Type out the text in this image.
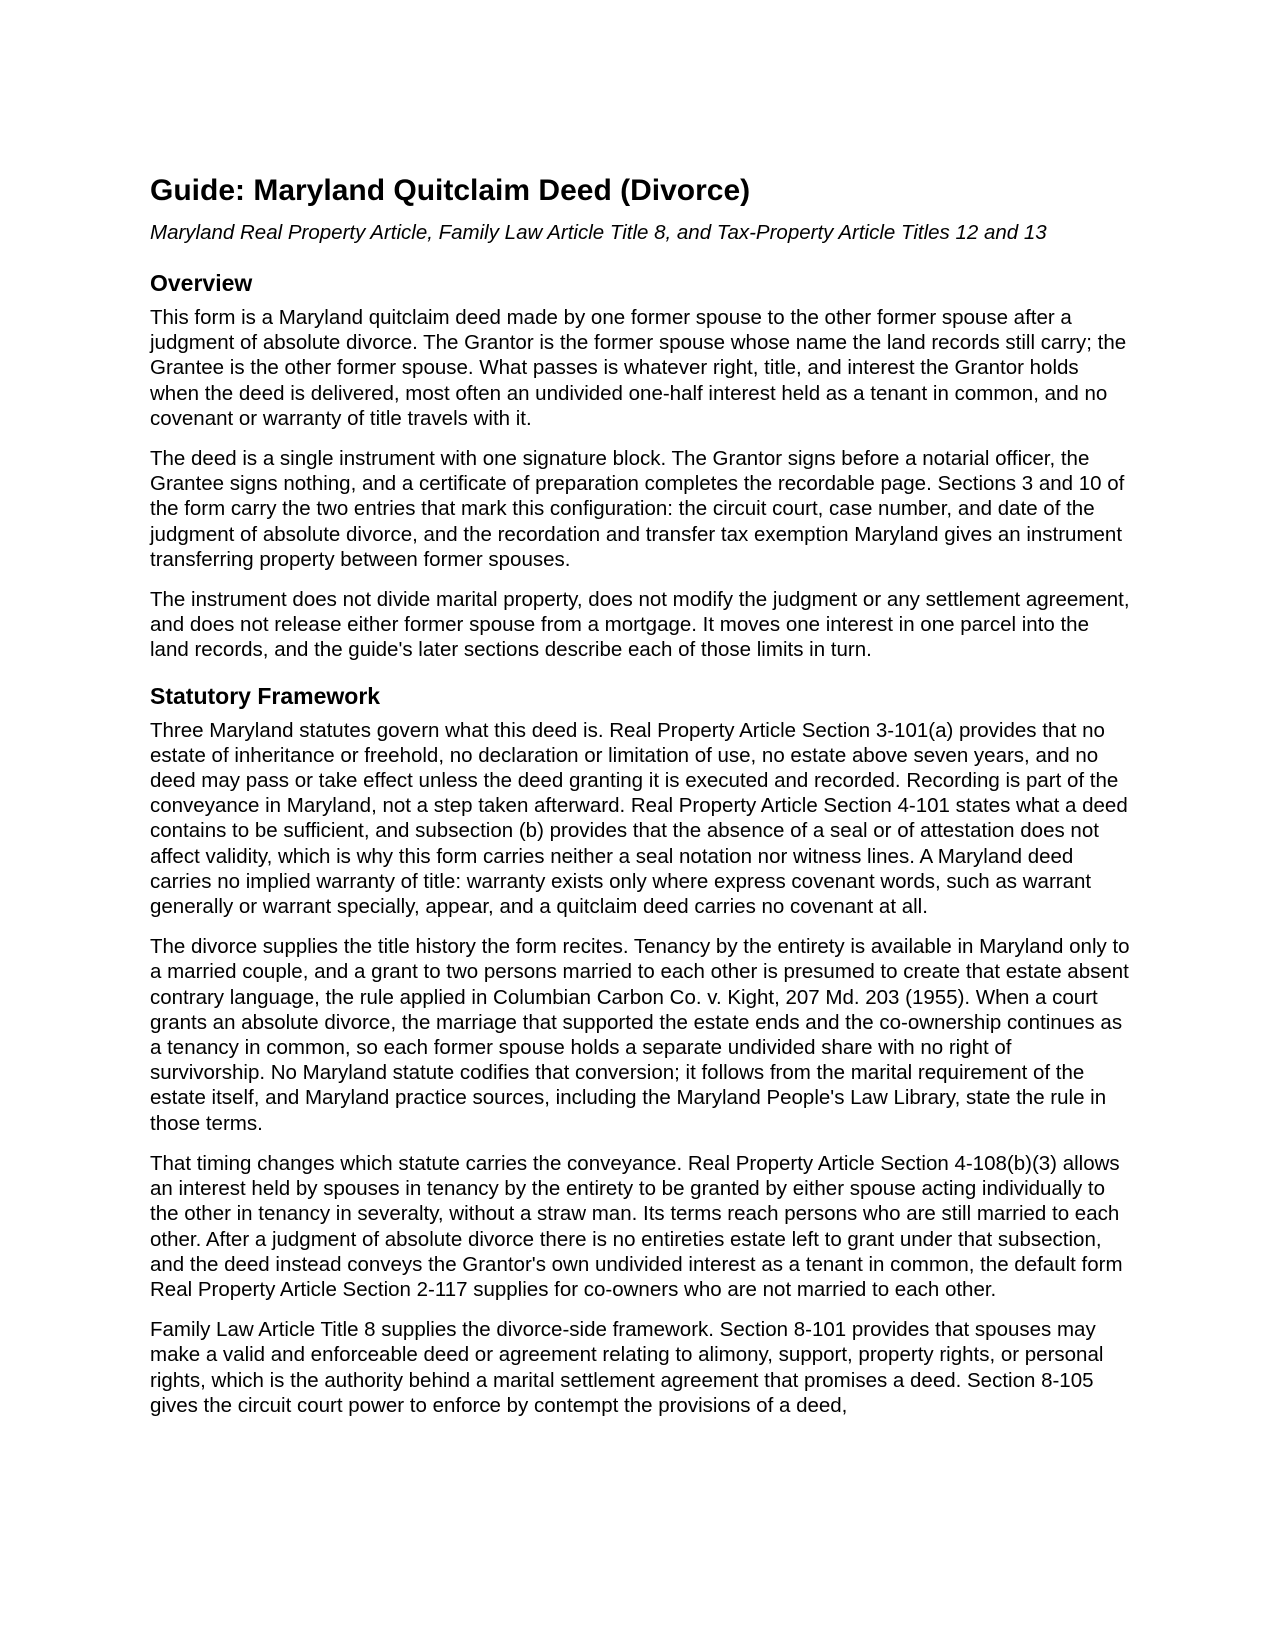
Guide: Maryland Quitclaim Deed (Divorce)

Maryland Real Property Article, Family Law Article Title 8, and Tax-Property Article Titles 12 and 13

Overview

This form is a Maryland quitclaim deed made by one former spouse to the other former spouse after a judgment of absolute divorce. The Grantor is the former spouse whose name the land records still carry; the Grantee is the other former spouse. What passes is whatever right, title, and interest the Grantor holds when the deed is delivered, most often an undivided one-half interest held as a tenant in common, and no covenant or warranty of title travels with it.

The deed is a single instrument with one signature block. The Grantor signs before a notarial officer, the Grantee signs nothing, and a certificate of preparation completes the recordable page. Sections 3 and 10 of the form carry the two entries that mark this configuration: the circuit court, case number, and date of the judgment of absolute divorce, and the recordation and transfer tax exemption Maryland gives an instrument transferring property between former spouses.

The instrument does not divide marital property, does not modify the judgment or any settlement agreement, and does not release either former spouse from a mortgage. It moves one interest in one parcel into the land records, and the guide's later sections describe each of those limits in turn.

Statutory Framework

Three Maryland statutes govern what this deed is. Real Property Article Section 3-101(a) provides that no estate of inheritance or freehold, no declaration or limitation of use, no estate above seven years, and no deed may pass or take effect unless the deed granting it is executed and recorded. Recording is part of the conveyance in Maryland, not a step taken afterward. Real Property Article Section 4-101 states what a deed contains to be sufficient, and subsection (b) provides that the absence of a seal or of attestation does not affect validity, which is why this form carries neither a seal notation nor witness lines. A Maryland deed carries no implied warranty of title: warranty exists only where express covenant words, such as warrant generally or warrant specially, appear, and a quitclaim deed carries no covenant at all.

The divorce supplies the title history the form recites. Tenancy by the entirety is available in Maryland only to a married couple, and a grant to two persons married to each other is presumed to create that estate absent contrary language, the rule applied in Columbian Carbon Co. v. Kight, 207 Md. 203 (1955). When a court grants an absolute divorce, the marriage that supported the estate ends and the co-ownership continues as a tenancy in common, so each former spouse holds a separate undivided share with no right of survivorship. No Maryland statute codifies that conversion; it follows from the marital requirement of the estate itself, and Maryland practice sources, including the Maryland People's Law Library, state the rule in those terms.

That timing changes which statute carries the conveyance. Real Property Article Section 4-108(b)(3) allows an interest held by spouses in tenancy by the entirety to be granted by either spouse acting individually to the other in tenancy in severalty, without a straw man. Its terms reach persons who are still married to each other. After a judgment of absolute divorce there is no entireties estate left to grant under that subsection, and the deed instead conveys the Grantor's own undivided interest as a tenant in common, the default form Real Property Article Section 2-117 supplies for co-owners who are not married to each other.

Family Law Article Title 8 supplies the divorce-side framework. Section 8-101 provides that spouses may make a valid and enforceable deed or agreement relating to alimony, support, property rights, or personal rights, which is the authority behind a marital settlement agreement that promises a deed. Section 8-105 gives the circuit court power to enforce by contempt the provisions of a deed,
